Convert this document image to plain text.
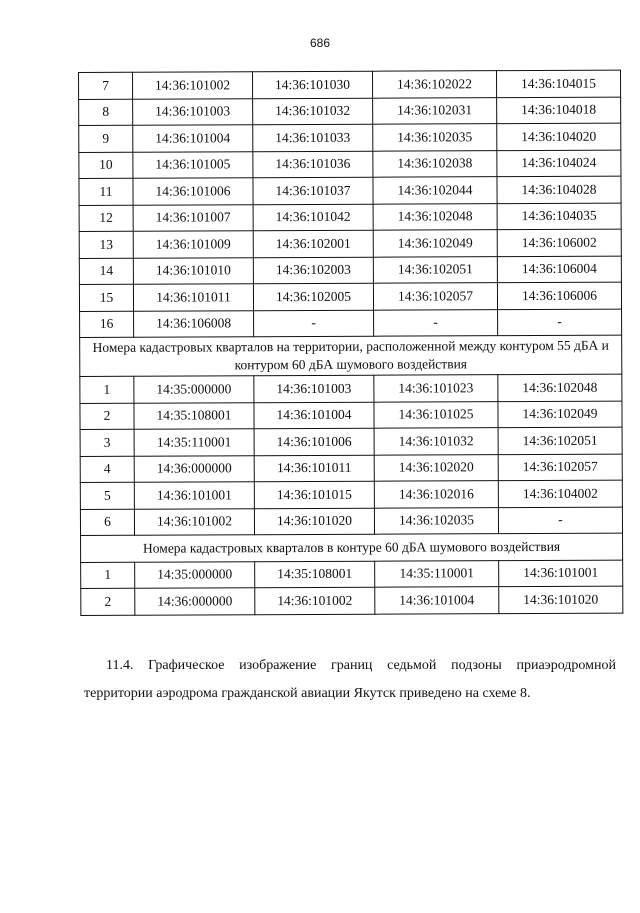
686
7	14:36:101002	14:36:101030	14:36:102022	14:36:104015
8	14:36:101003	14:36:101032	14:36:102031	14:36:104018
9	14:36:101004	14:36:101033	14:36:102035	14:36:104020
10	14:36:101005	14:36:101036	14:36:102038	14:36:104024
11	14:36:101006	14:36:101037	14:36:102044	14:36:104028
12	14:36:101007	14:36:101042	14:36:102048	14:36:104035
13	14:36:101009	14:36:102001	14:36:102049	14:36:106002
14	14:36:101010	14:36:102003	14:36:102051	14:36:106004
15	14:36:101011	14:36:102005	14:36:102057	14:36:106006
16	14:36:106008	-	-	-
Номера кадастровых кварталов на территории, расположенной между контуром 55 дБА и контуром 60 дБА шумового воздействия				
1	14:35:000000	14:36:101003	14:36:101023	14:36:102048
2	14:35:108001	14:36:101004	14:36:101025	14:36:102049
3	14:35:110001	14:36:101006	14:36:101032	14:36:102051
4	14:36:000000	14:36:101011	14:36:102020	14:36:102057
5	14:36:101001	14:36:101015	14:36:102016	14:36:104002
6	14:36:101002	14:36:101020	14:36:102035	-
Номера кадастровых кварталов в контуре 60 дБА шумового воздействия				
1	14:35:000000	14:35:108001	14:35:110001	14:36:101001
2	14:36:000000	14:36:101002	14:36:101004	14:36:101020
11.4. Графическое изображение границ седьмой подзоны приаэродромной
территории аэродрома гражданской авиации Якутск приведено на схеме 8.
